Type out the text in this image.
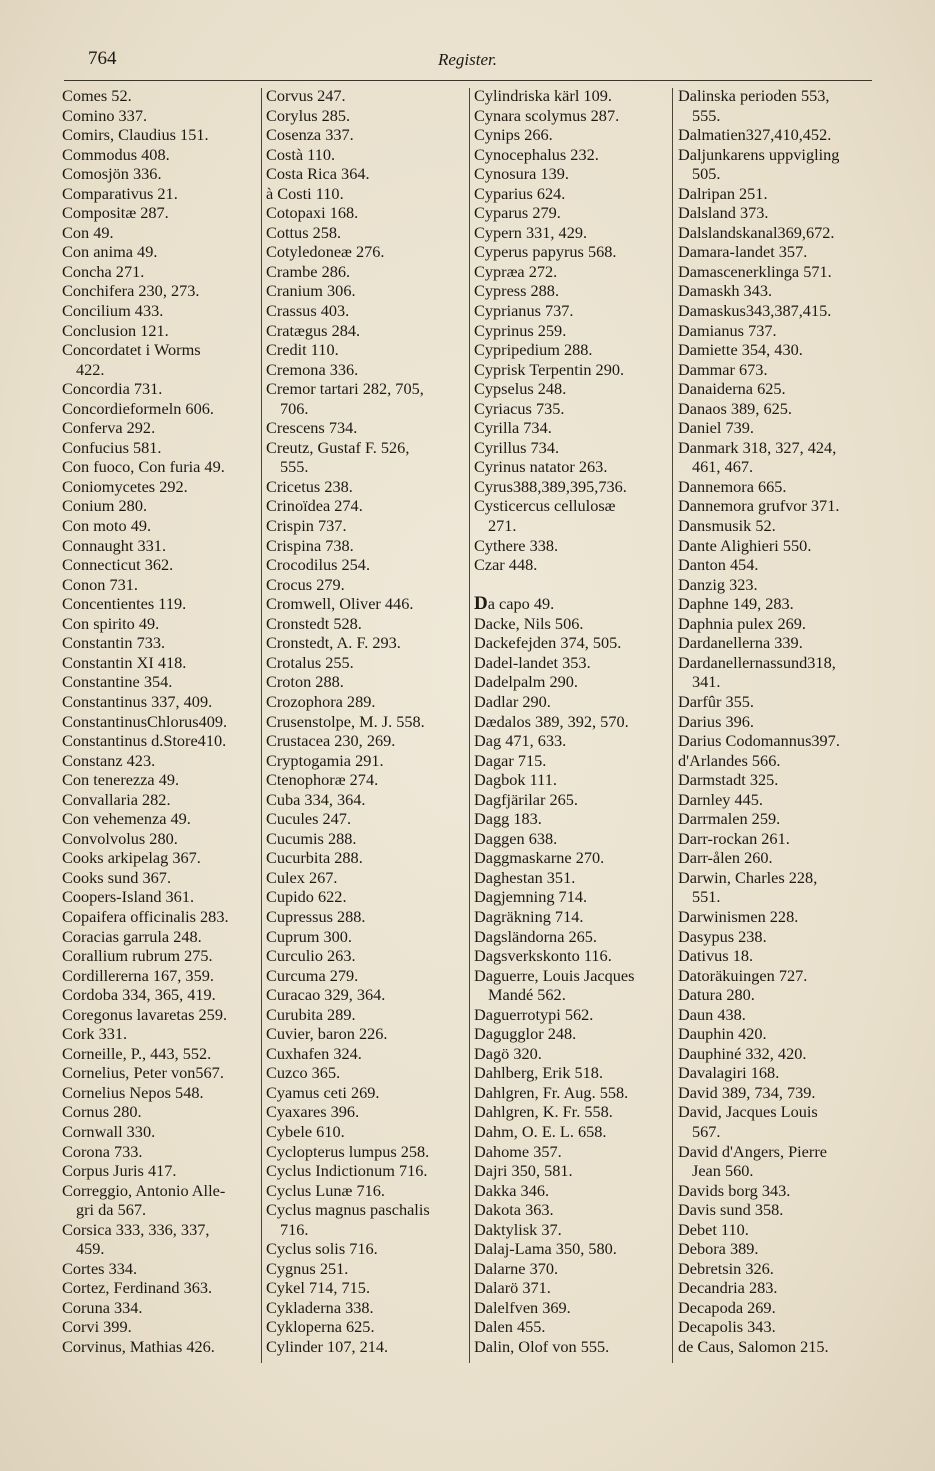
764	Register.
Comes 52.
Comino 337.
Comirs, Claudius 151.
Commodus 408.
Comosjön 336.
Comparativus 21.
Compositæ 287.
Con 49.
Con anima 49.
Concha 271.
Conchifera 230, 273.
Concilium 433.
Conclusion 121.
Concordatet i Worms
422.
Concordia 731.
Concordieformeln 606.
Conferva 292.
Confucius 581.
Con fuoco, Con furia 49.
Coniomycetes 292.
Conium 280.
Con moto 49.
Connaught 331.
Connecticut 362.
Conon 731.
Concentientes 119.
Con spirito 49.
Constantin 733.
Constantin XI 418.
Constantine 354.
Constantinus 337, 409.
ConstantinusChlorus409.
Constantinus d.Store410.
Constanz 423.
Con tenerezza 49.
Convallaria 282.
Con vehemenza 49.
Convolvolus 280.
Cooks arkipelag 367.
Cooks sund 367.
Coopers-Island 361.
Copaifera officinalis 283.
Coracias garrula 248.
Corallium rubrum 275.
Cordillererna 167, 359.
Cordoba 334, 365, 419.
Coregonus lavaretas 259.
Cork 331.
Corneille, P., 443, 552.
Cornelius, Peter von567.
Cornelius Nepos 548.
Cornus 280.
Cornwall 330.
Corona 733.
Corpus Juris 417.
Correggio, Antonio Alle-
gri da 567.
Corsica 333, 336, 337,
459.
Cortes 334.
Cortez, Ferdinand 363.
Coruna 334.
Corvi 399.
Corvinus, Mathias 426.
Corvus 247.
Corylus 285.
Cosenza 337.
Costà 110.
Costa Rica 364.
à Costi 110.
Cotopaxi 168.
Cottus 258.
Cotyledoneæ 276.
Crambe 286.
Cranium 306.
Crassus 403.
Cratægus 284.
Credit 110.
Cremona 336.
Cremor tartari 282, 705,
706.
Crescens 734.
Creutz, Gustaf F. 526,
555.
Cricetus 238.
Crinoïdea 274.
Crispin 737.
Crispina 738.
Crocodilus 254.
Crocus 279.
Cromwell, Oliver 446.
Cronstedt 528.
Cronstedt, A. F. 293.
Crotalus 255.
Croton 288.
Crozophora 289.
Crusenstolpe, M. J. 558.
Crustacea 230, 269.
Cryptogamia 291.
Ctenophoræ 274.
Cuba 334, 364.
Cucules 247.
Cucumis 288.
Cucurbita 288.
Culex 267.
Cupido 622.
Cupressus 288.
Cuprum 300.
Curculio 263.
Curcuma 279.
Curacao 329, 364.
Curubita 289.
Cuvier, baron 226.
Cuxhafen 324.
Cuzco 365.
Cyamus ceti 269.
Cyaxares 396.
Cybele 610.
Cyclopterus lumpus 258.
Cyclus Indictionum 716.
Cyclus Lunæ 716.
Cyclus magnus paschalis
716.
Cyclus solis 716.
Cygnus 251.
Cykel 714, 715.
Cykladerna 338.
Cykloperna 625.
Cylinder 107, 214.
Cylindriska kärl 109.
Cynara scolymus 287.
Cynips 266.
Cynocephalus 232.
Cynosura 139.
Cyparius 624.
Cyparus 279.
Cypern 331, 429.
Cyperus papyrus 568.
Cypræa 272.
Cypress 288.
Cyprianus 737.
Cyprinus 259.
Cypripedium 288.
Cyprisk Terpentin 290.
Cypselus 248.
Cyriacus 735.
Cyrilla 734.
Cyrillus 734.
Cyrinus natator 263.
Cyrus388,389,395,736.
Cysticercus cellulosæ
271.
Cythere 338.
Czar 448.
Da capo 49.
Dacke, Nils 506.
Dackefejden 374, 505.
Dadel-landet 353.
Dadelpalm 290.
Dadlar 290.
Dædalos 389, 392, 570.
Dag 471, 633.
Dagar 715.
Dagbok 111.
Dagfjärilar 265.
Dagg 183.
Daggen 638.
Daggmaskarne 270.
Daghestan 351.
Dagjemning 714.
Dagräkning 714.
Dagsländorna 265.
Dagsverkskonto 116.
Daguerre, Louis Jacques
Mandé 562.
Daguerrotypi 562.
Dagugglor 248.
Dagö 320.
Dahlberg, Erik 518.
Dahlgren, Fr. Aug. 558.
Dahlgren, K. Fr. 558.
Dahm, O. E. L. 658.
Dahome 357.
Dajri 350, 581.
Dakka 346.
Dakota 363.
Daktylisk 37.
Dalaj-Lama 350, 580.
Dalarne 370.
Dalarö 371.
Dalelfven 369.
Dalen 455.
Dalin, Olof von 555.
Dalinska perioden 553,
555.
Dalmatien327,410,452.
Daljunkarens uppvigling
505.
Dalripan 251.
Dalsland 373.
Dalslandskanal369,672.
Damara-landet 357.
Damascenerklinga 571.
Damaskh 343.
Damaskus343,387,415.
Damianus 737.
Damiette 354, 430.
Dammar 673.
Danaiderna 625.
Danaos 389, 625.
Daniel 739.
Danmark 318, 327, 424,
461, 467.
Dannemora 665.
Dannemora grufvor 371.
Dansmusik 52.
Dante Alighieri 550.
Danton 454.
Danzig 323.
Daphne 149, 283.
Daphnia pulex 269.
Dardanellerna 339.
Dardanellernassund318,
341.
Darfûr 355.
Darius 396.
Darius Codomannus397.
d'Arlandes 566.
Darmstadt 325.
Darnley 445.
Darrmalen 259.
Darr-rockan 261.
Darr-ålen 260.
Darwin, Charles 228,
551.
Darwinismen 228.
Dasypus 238.
Dativus 18.
Datoräkuingen 727.
Datura 280.
Daun 438.
Dauphin 420.
Dauphiné 332, 420.
Davalagiri 168.
David 389, 734, 739.
David, Jacques Louis
567.
David d'Angers, Pierre
Jean 560.
Davids borg 343.
Davis sund 358.
Debet 110.
Debora 389.
Debretsin 326.
Decandria 283.
Decapoda 269.
Decapolis 343.
de Caus, Salomon 215.
